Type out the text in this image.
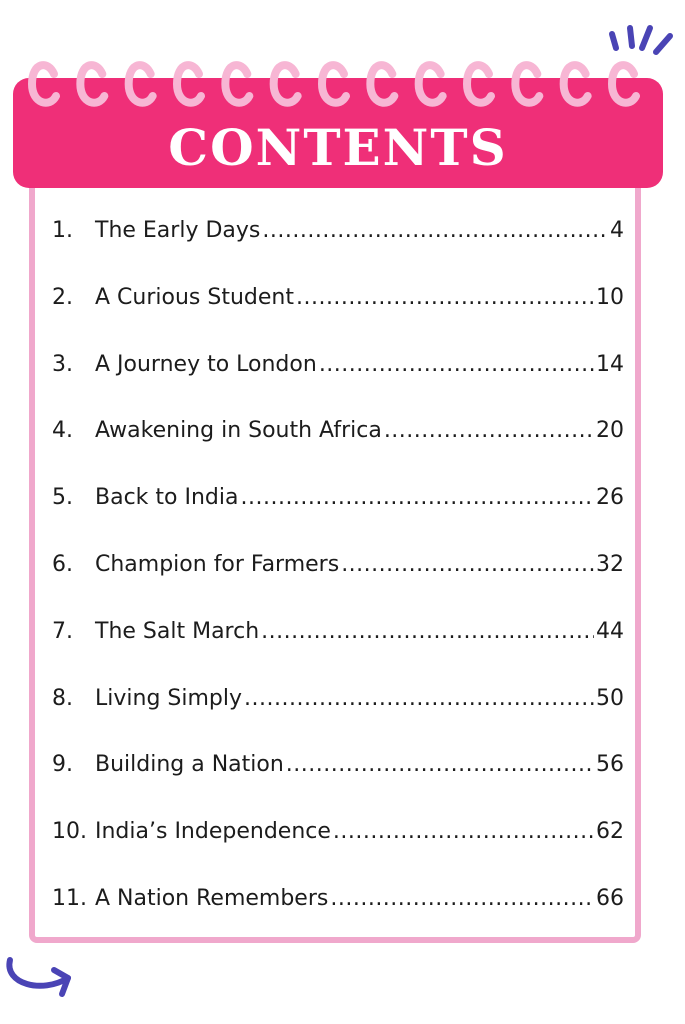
CONTENTS
1.	The Early Days .....	4
2.	A Curious Student .....	10
3.	A Journey to London .....	14
4.	Awakening in South Africa .....	20
5.	Back to India .....	26
6.	Champion for Farmers .....	32
7.	The Salt March .....	44
8.	Living Simply .....	50
9.	Building a Nation .....	56
10. India’s Independence .....	62
11. A Nation Remembers .....	66
